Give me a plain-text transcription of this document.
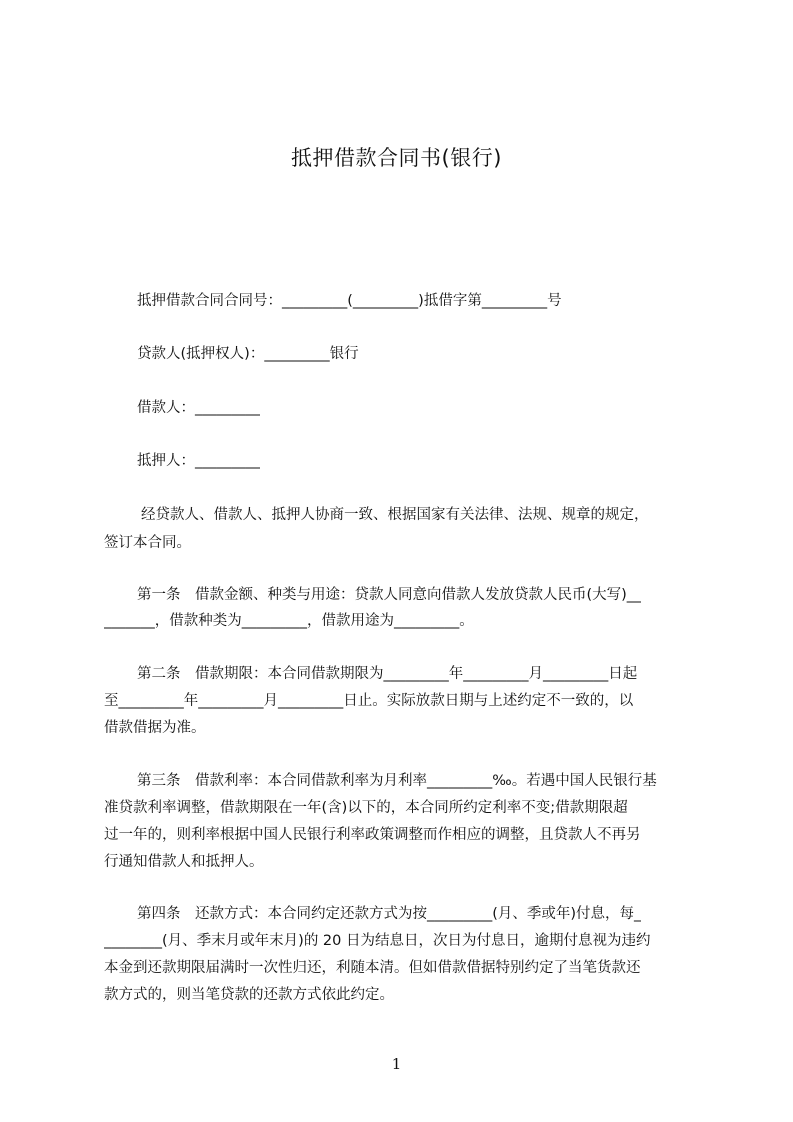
抵押借款合同书(银行)
抵押借款合同合同号：_________(_________)抵借字第_________号
贷款人(抵押权人)：_________银行
借款人：_________
抵押人：_________
经贷款人、借款人、抵押人协商一致、根据国家有关法律、法规、规章的规定，
签订本合同。
第一条　借款金额、种类与用途：贷款人同意向借款人发放贷款人民币(大写)__
_______，借款种类为_________，借款用途为_________。
第二条　借款期限：本合同借款期限为_________年_________月_________日起
至_________年_________月_________日止。实际放款日期与上述约定不一致的，以
借款借据为准。
第三条　借款利率：本合同借款利率为月利率_________‰。若遇中国人民银行基
准贷款利率调整，借款期限在一年(含)以下的，本合同所约定利率不变;借款期限超
过一年的，则利率根据中国人民银行利率政策调整而作相应的调整，且贷款人不再另
行通知借款人和抵押人。
第四条　还款方式：本合同约定还款方式为按_________(月、季或年)付息，每_
________(月、季末月或年末月)的 20 日为结息日，次日为付息日，逾期付息视为违约
本金到还款期限届满时一次性归还，利随本清。但如借款借据特别约定了当笔货款还
款方式的，则当笔贷款的还款方式依此约定。
1
